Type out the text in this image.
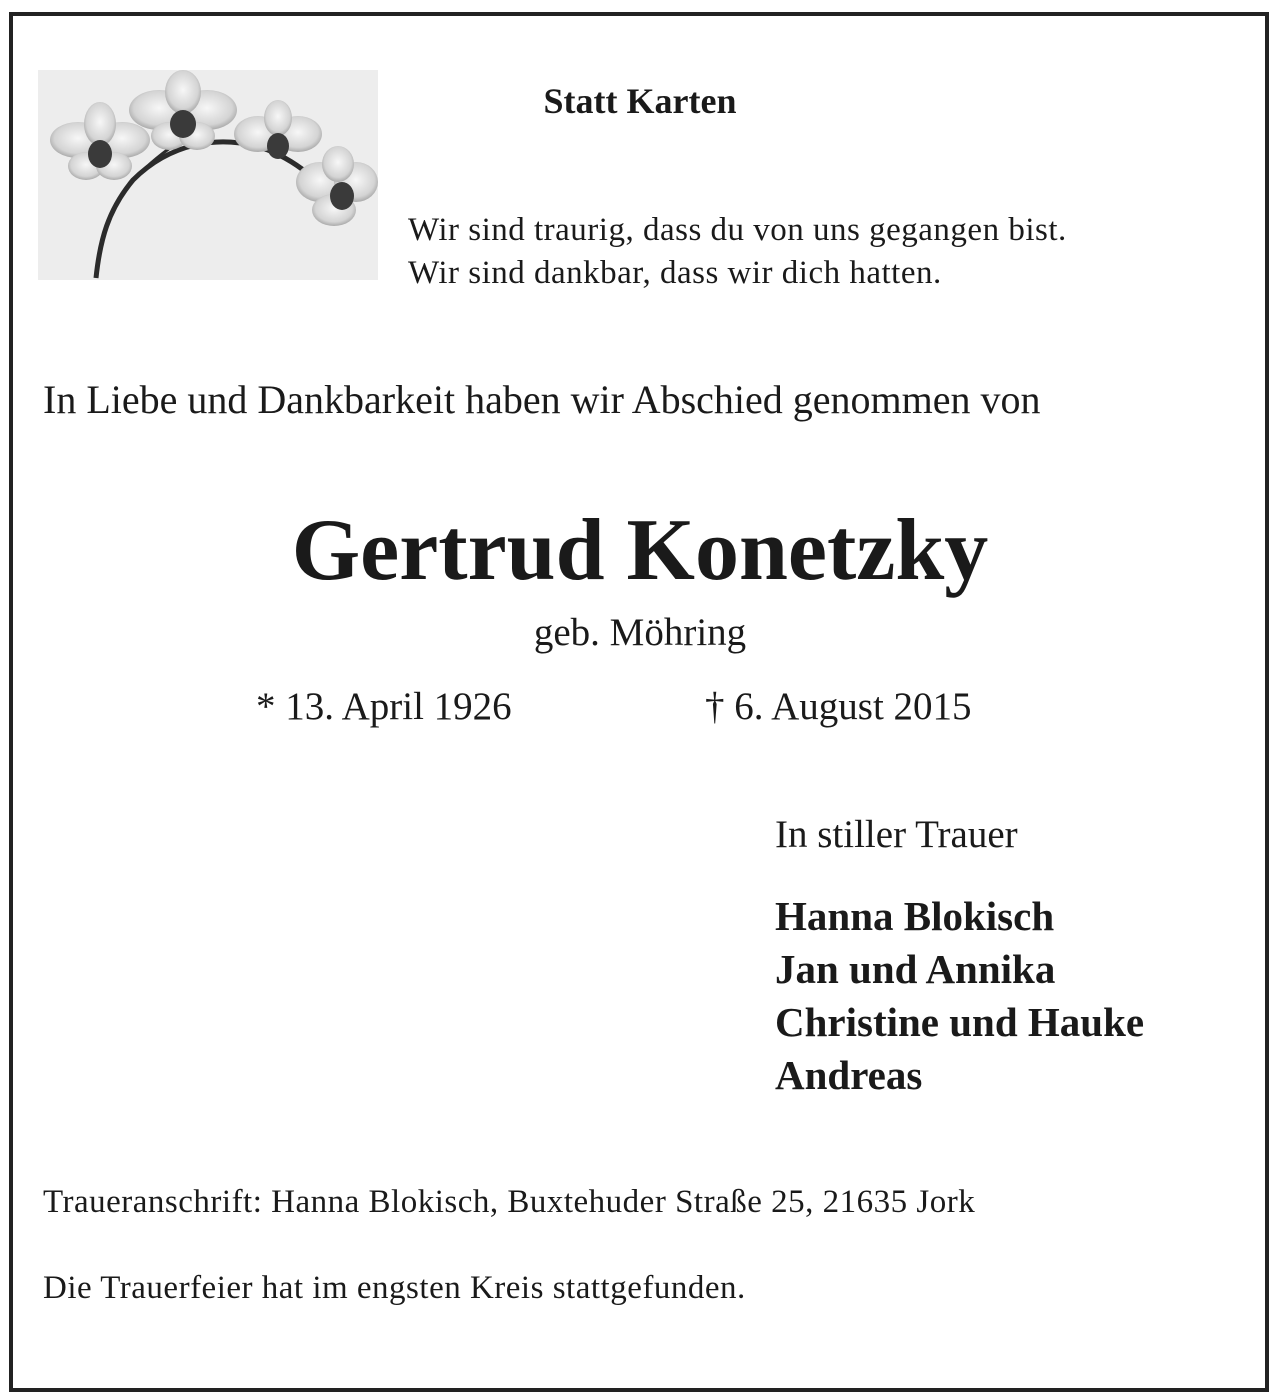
Statt Karten
Wir sind traurig, dass du von uns gegangen bist.
Wir sind dankbar, dass wir dich hatten.
In Liebe und Dankbarkeit haben wir Abschied genommen von
Gertrud Konetzky
geb. Möhring
* 13. April 1926	† 6. August 2015
In stiller Trauer
Hanna Blokisch
Jan und Annika
Christine und Hauke
Andreas
Traueranschrift: Hanna Blokisch, Buxtehuder Straße 25, 21635 Jork
Die Trauerfeier hat im engsten Kreis stattgefunden.
